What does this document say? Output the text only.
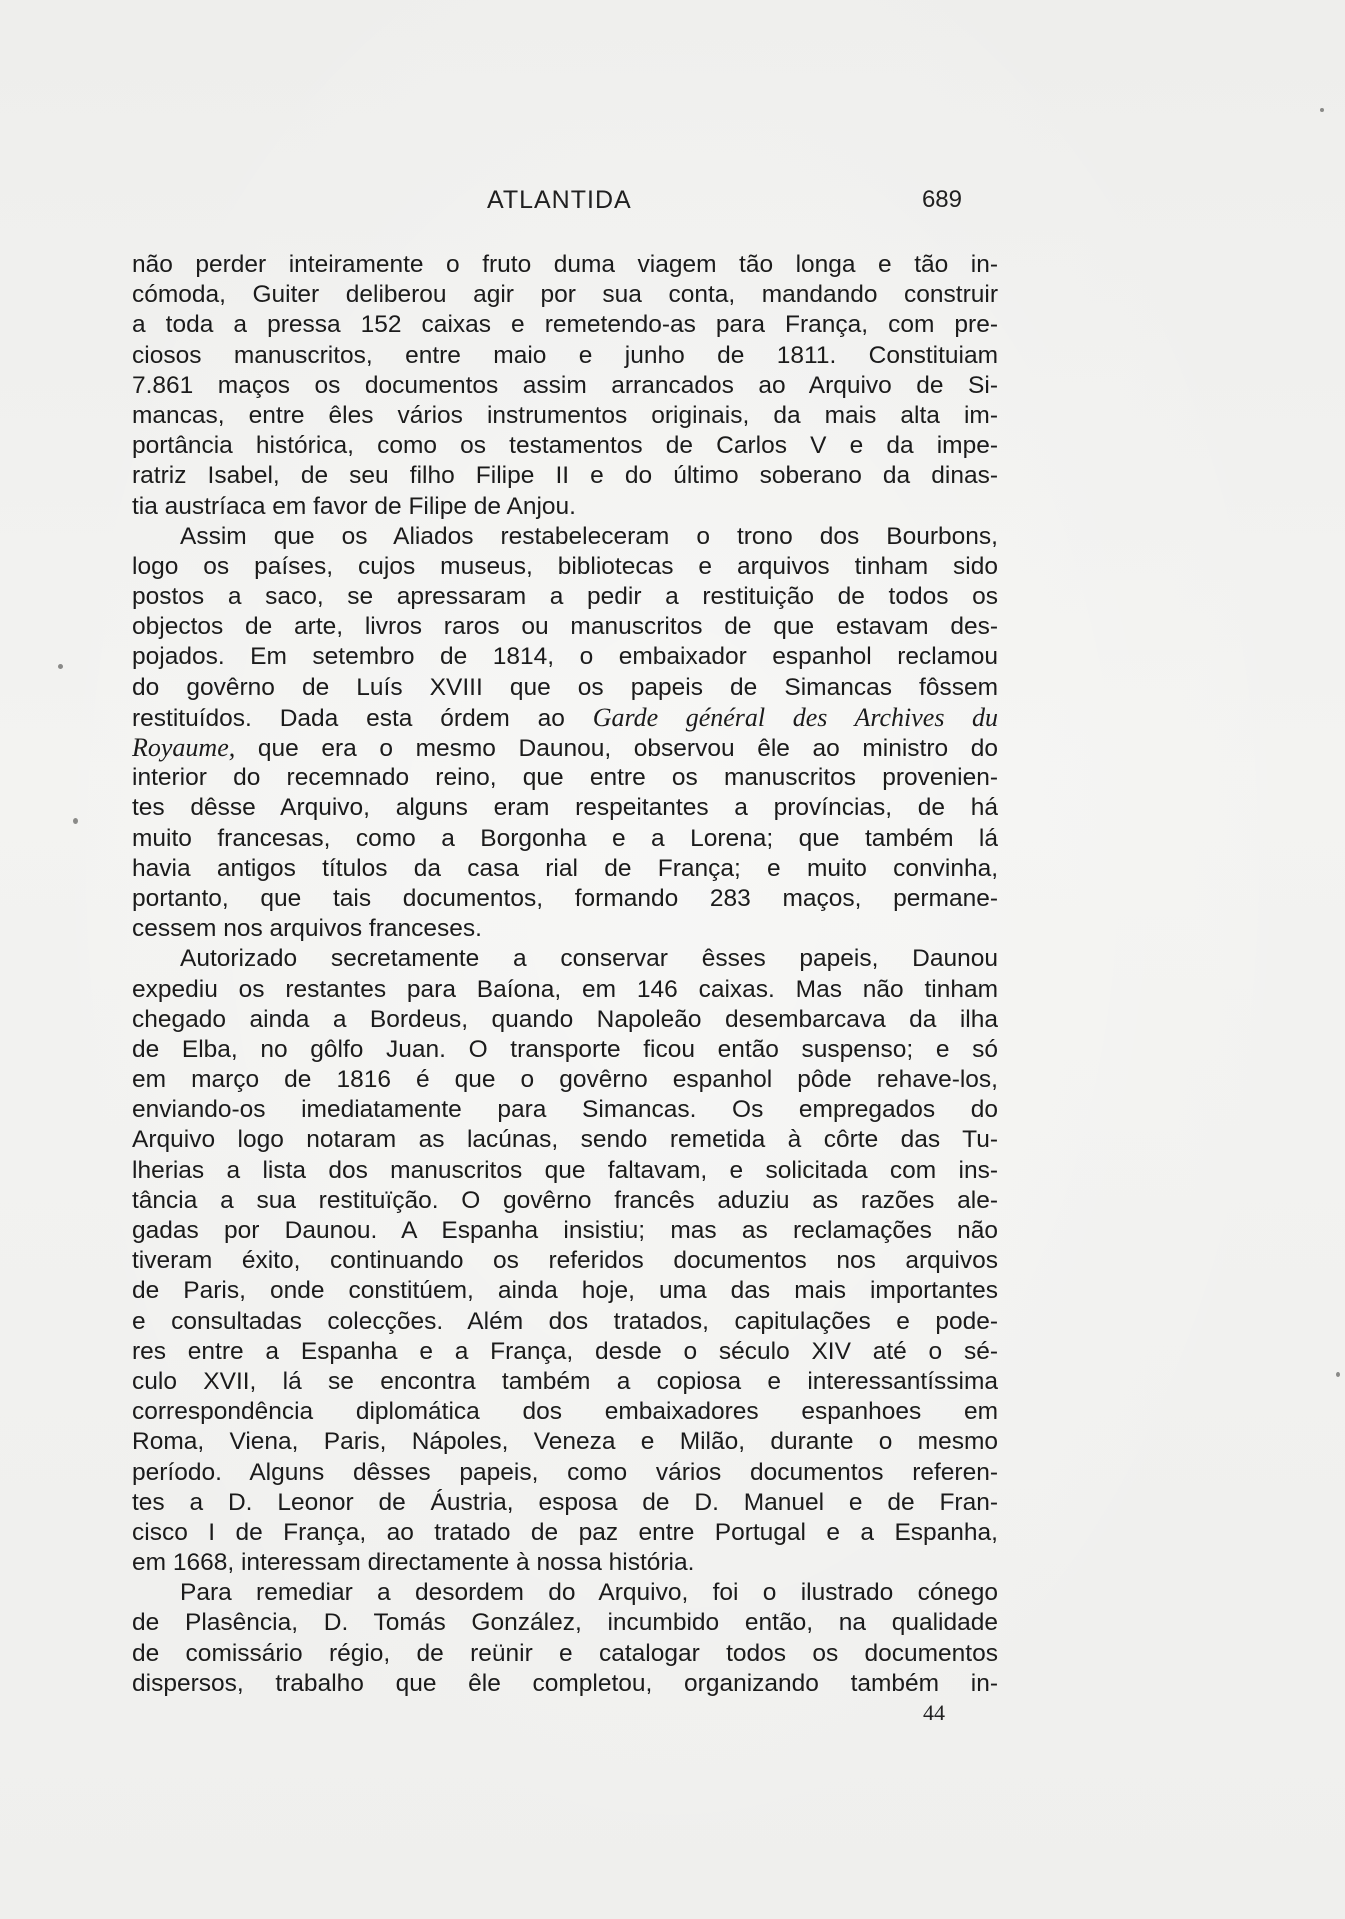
ATLANTIDA	689
não perder inteiramente o fruto duma viagem tão longa e tão in-
cómoda, Guiter deliberou agir por sua conta, mandando construir
a toda a pressa 152 caixas e remetendo-as para França, com pre-
ciosos manuscritos, entre maio e junho de 1811. Constituiam
7.861 maços os documentos assim arrancados ao Arquivo de Si-
mancas, entre êles vários instrumentos originais, da mais alta im-
portância histórica, como os testamentos de Carlos V e da impe-
ratriz Isabel, de seu filho Filipe II e do último soberano da dinas-
tia austríaca em favor de Filipe de Anjou.
Assim que os Aliados restabeleceram o trono dos Bourbons,
logo os países, cujos museus, bibliotecas e arquivos tinham sido
postos a saco, se apressaram a pedir a restituição de todos os
objectos de arte, livros raros ou manuscritos de que estavam des-
pojados. Em setembro de 1814, o embaixador espanhol reclamou
do govêrno de Luís XVIII que os papeis de Simancas fôssem
restituídos. Dada esta órdem ao Garde général des Archives du
Royaume, que era o mesmo Daunou, observou êle ao ministro do
interior do recemnado reino, que entre os manuscritos provenien-
tes dêsse Arquivo, alguns eram respeitantes a províncias, de há
muito francesas, como a Borgonha e a Lorena; que também lá
havia antigos títulos da casa rial de França; e muito convinha,
portanto, que tais documentos, formando 283 maços, permane-
cessem nos arquivos franceses.
Autorizado secretamente a conservar êsses papeis, Daunou
expediu os restantes para Baíona, em 146 caixas. Mas não tinham
chegado ainda a Bordeus, quando Napoleão desembarcava da ilha
de Elba, no gôlfo Juan. O transporte ficou então suspenso; e só
em março de 1816 é que o govêrno espanhol pôde rehave-los,
enviando-os imediatamente para Simancas. Os empregados do
Arquivo logo notaram as lacúnas, sendo remetida à côrte das Tu-
lherias a lista dos manuscritos que faltavam, e solicitada com ins-
tância a sua restituïção. O govêrno francês aduziu as razões ale-
gadas por Daunou. A Espanha insistiu; mas as reclamações não
tiveram éxito, continuando os referidos documentos nos arquivos
de Paris, onde constitúem, ainda hoje, uma das mais importantes
e consultadas colecções. Além dos tratados, capitulações e pode-
res entre a Espanha e a França, desde o século XIV até o sé-
culo XVII, lá se encontra também a copiosa e interessantíssima
correspondência diplomática dos embaixadores espanhoes em
Roma, Viena, Paris, Nápoles, Veneza e Milão, durante o mesmo
período. Alguns dêsses papeis, como vários documentos referen-
tes a D. Leonor de Áustria, esposa de D. Manuel e de Fran-
cisco I de França, ao tratado de paz entre Portugal e a Espanha,
em 1668, interessam directamente à nossa história.
Para remediar a desordem do Arquivo, foi o ilustrado cónego
de Plasência, D. Tomás González, incumbido então, na qualidade
de comissário régio, de reünir e catalogar todos os documentos
dispersos, trabalho que êle completou, organizando também in-
44
